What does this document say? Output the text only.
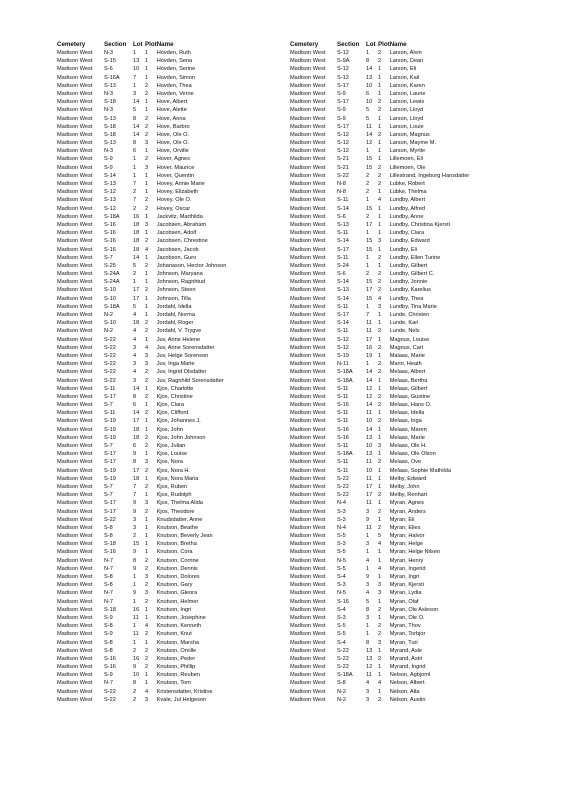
Cemetery	Section	Lot	Plot	Name
Madison West	N-3	1	1	Hovden, Ruth
Madison West	S-15	13	1	Hovden, Sena
Madison West	S-6	10	1	Hovden, Serine
Madison West	S-16A	7	1	Hovden, Simon
Madison West	S-13	1	2	Hovden, Thea
Madison West	N-3	3	2	Hovden, Verne
Madison West	S-18	14	1	Hove, Albert
Madison West	N-3	5	1	Hove, Alette
Madison West	S-13	8	2	Hove, Anna
Madison West	S-18	14	2	Hove, Barbro
Madison West	S-18	14	2	Hove, Ole O.
Madison West	S-13	8	3	Hove, Ole O.
Madison West	N-3	6	1	Hove, Orville
Madison West	S-9	1	2	Hover, Agnes
Madison West	S-9	1	3	Hover, Maurice
Madison West	S-14	1	1	Hover, Quentin
Madison West	S-13	7	1	Hovey, Annie Marie
Madison West	S-12	2	1	Hovey, Elizabeth
Madison West	S-13	7	2	Hovey, Ole O.
Madison West	S-12	2	2	Hovey, Oscar
Madison West	S-18A	16	1	Jackvitz, Marthilda
Madison West	S-16	18	3	Jacobsen, Abraham
Madison West	S-16	18	1	Jacobsen, Adolf
Madison West	S-16	18	2	Jacobsen, Chrestine
Madison West	S-16	18	4	Jacobsen, Jacob
Madison West	S-7	14	1	Jacobson, Guro
Madison West	S-25	5	2	Johanason, Hector Johnson
Madison West	S-24A	2	1	Johnson, Maryana
Madison West	S-24A	1	1	Johnson, Ragnhtud
Madison West	S-10	17	2	Johnson, Steen
Madison West	S-10	17	1	Johnson, Tilla
Madison West	S-18A	5	1	Jordahl, Idella
Madison West	N-2	4	1	Jordahl, Norma
Madison West	S-10	18	2	Jordahl, Roger
Madison West	N-2	4	2	Jordahl, V. Trygve
Madison West	S-22	4	1	Juv, Anne Helene
Madison West	S-22	3	4	Juv, Anne Sorensdatter
Madison West	S-22	4	3	Juv, Helge Sorenson
Madison West	S-22	3	3	Juv, Inga Marie
Madison West	S-22	4	2	Juv, Ingrid Olsdatter
Madison West	S-22	3	2	Juv, Ragnhild Sorensdatter
Madison West	S-11	14	1	Kjos, Charlotte
Madison West	S-17	8	2	Kjos, Christine
Madison West	S-7	6	1	Kjos, Clara
Madison West	S-11	14	2	Kjos, Clifford
Madison West	S-19	17	1	Kjos, Johannes J.
Madison West	S-19	18	1	Kjos, John
Madison West	S-19	18	2	Kjos, John Johnson
Madison West	S-7	6	2	Kjos, Julian
Madison West	S-17	9	1	Kjos, Louise
Madison West	S-17	8	3	Kjos, Nora
Madison West	S-19	17	2	Kjos, Nora H.
Madison West	S-19	18	1	Kjos, Nora Maria
Madison West	S-7	7	2	Kjos, Ruben
Madison West	S-7	7	1	Kjos, Rudolph
Madison West	S-17	9	3	Kjos, Thelma Alida
Madison West	S-17	9	2	Kjos, Theodore
Madison West	S-22	3	1	Knudsdatter, Anne
Madison West	S-8	3	1	Knutson, Beathe
Madison West	S-8	2	1	Knutson, Beverly Jean
Madison West	S-18	15	1	Knutson, Bretha
Madison West	S-16	9	1	Knutson, Cora
Madison West	N-7	8	2	Knutson, Corrine
Madison West	N-7	9	2	Knutson, Dennis
Madison West	S-8	1	3	Knutson, Dolores
Madison West	S-8	1	2	Knutson, Gary
Madison West	N-7	9	3	Knutson, Gleora
Madison West	N-7	1	2	Knutson, Helmer
Madison West	S-18	16	1	Knutson, Ingri
Madison West	S-9	11	1	Knutson, Josephine
Madison West	S-8	1	4	Knutson, Kenneth
Madison West	S-9	11	2	Knutson, Knut
Madison West	S-8	1	1	Knutson, Marsha
Madison West	S-8	2	2	Knutson, Orville
Madison West	S-16	16	2	Knutson, Peder
Madison West	S-16	9	2	Knutson, Phillip
Madison West	S-9	10	1	Knutson, Reuben
Madison West	N-7	8	1	Knutson, Tom
Madison West	S-22	2	4	Kristensdatter, Kristine
Madison West	S-22	2	3	Kvale, Jul Helgeson
Cemetery	Section	Lot	Plot	Name
Madison West	S-12	1	2	Larson, Alvin
Madison West	S-9A	8	2	Larson, Dean
Madison West	S-12	14	1	Larson, Eli
Madison West	S-12	13	1	Larson, Kail
Madison West	S-17	10	1	Larson, Karen
Madison West	S-9	6	1	Larson, Laurie
Madison West	S-17	10	2	Larson, Lewis
Madison West	S-9	5	2	Larson, Lloyd
Madison West	S-9	5	1	Larson, Lloyd
Madison West	S-17	11	1	Larson, Louie
Madison West	S-12	14	2	Larson, Magnus
Madison West	S-12	12	1	Larson, Mayme M.
Madison West	S-12	1	1	Larson, Myrtle
Madison West	S-21	15	1	Lillemoen, Eli
Madison West	S-21	15	2	Lillemoen, Ole
Madison West	S-22	2	2	Lillestrand, Ingeborg Hansdatter
Madison West	N-8	2	2	Lubke, Robert
Madison West	N-8	2	1	Lubke, Thelma
Madison West	S-11	1	4	Lundby, Albert
Madison West	S-14	15	1	Lundby, Alfred
Madison West	S-6	2	1	Lundby, Anne
Madison West	S-13	17	1	Lundby, Christina Kjersti
Madison West	S-11	1	1	Lundby, Clara
Madison West	S-14	15	3	Lundby, Edward
Madison West	S-17	15	1	Lundby, Eli
Madison West	S-11	1	2	Lundby, Ellen Turine
Madison West	S-24	1	1	Lundby, Gilbert
Madison West	S-6	2	2	Lundby, Gilbert C.
Madison West	S-14	15	2	Lundby, Jonnie
Madison West	S-13	17	2	Lundby, Karelius
Madison West	S-14	15	4	Lundby, Thea
Madison West	S-11	1	3	Lundby, Tina Marie
Madison West	S-17	7	1	Lunde, Christen
Madison West	S-14	11	1	Lunde, Kari
Madison West	S-11	11	2	Lunde, Nels
Madison West	S-12	17	1	Magnus, Louise
Madison West	S-12	16	2	Magnus, Carl
Madison West	S-19	19	1	Malaas, Marie
Madison West	N-11	1	2	Mann, Heath
Madison West	S-18A	14	2	Melaas, Albert
Madison West	S-18A	14	1	Melaas, Bertha
Madison West	S-11	12	1	Melaas, Gilbert
Madison West	S-11	12	2	Melaas, Gustine
Madison West	S-16	14	2	Melaas, Hans O.
Madison West	S-11	11	1	Melaas, Idella
Madison West	S-11	10	2	Melaas, Inga
Madison West	S-16	14	1	Melaas, Maren
Madison West	S-16	13	1	Melaas, Marie
Madison West	S-11	10	3	Melaas, Ole H.
Madison West	S-18A	13	1	Melaas, Ole Olson
Madison West	S-11	11	2	Melaas, Ove
Madison West	S-11	10	1	Melaas, Sophie Mathilda
Madison West	S-22	11	1	Melby, Edward
Madison West	S-22	17	1	Melby, John
Madison West	S-22	17	2	Melby, Renhart
Madison West	N-4	11	1	Myran, Agnes
Madison West	S-3	3	2	Myran, Anders
Madison West	S-3	9	1	Myran, Eli
Madison West	N-4	11	2	Myran, Elies
Madison West	S-5	1	5	Myran, Halvor
Madison West	S-3	3	4	Myran, Helge
Madison West	S-5	1	1	Myran, Helge Nilsen
Madison West	N-5	4	1	Myran, Henry
Madison West	S-5	1	4	Myran, Ingerid
Madison West	S-4	9	1	Myran, Ingri
Madison West	S-3	3	3	Myran, Kjersti
Madison West	N-5	4	3	Myran, Lydia
Madison West	S-16	5	1	Myran, Olaf
Madison West	S-4	8	2	Myran, Ole Asleson
Madison West	S-3	3	1	Myran, Ole O.
Madison West	S-5	1	2	Myran, Thov
Madison West	S-5	1	2	Myran, Torbjor
Madison West	S-4	8	3	Myran, Turi
Madison West	S-22	13	1	Myrand, Asle
Madison West	S-22	13	2	Myrand, Astri
Madison West	S-22	12	1	Myrand, Ingrid
Madison West	S-18A	11	1	Nelson, Agbjornl
Madison West	S-8	4	4	Nelson, Albert
Madison West	N-2	3	1	Nelson, Alta
Madison West	N-2	3	2	Nelson, Austin
